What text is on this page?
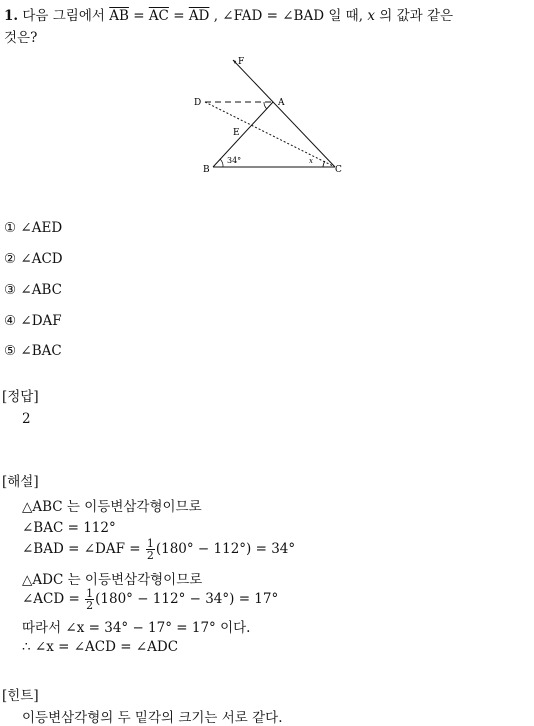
1. 다음 그림에서 $\overline{AB} = \overline{AC} = \overline{AD}$ , ∠FAD = ∠BAD 일 때, x 의 값과 같은
것은?
F
D	A
E
B	C
34°	x
① ∠AED
② ∠ACD
③ ∠ABC
④ ∠DAF
⑤ ∠BAC
[정답]
2
[해설]
△ABC 는 이등변삼각형이므로
∠BAC = 112°
∠BAD = ∠DAF = $\frac{1}{2} (180^\circ - 112^\circ) = 34^\circ$
△ADC 는 이등변삼각형이므로
∠ACD = $\frac{1}{2} (180^\circ - 112^\circ - 34^\circ) = 17^\circ$
따라서 ∠x = 34° − 17° = 17° 이다.
∴ ∠x = ∠ACD = ∠ADC
[힌트]
이등변삼각형의 두 밑각의 크기는 서로 같다.
